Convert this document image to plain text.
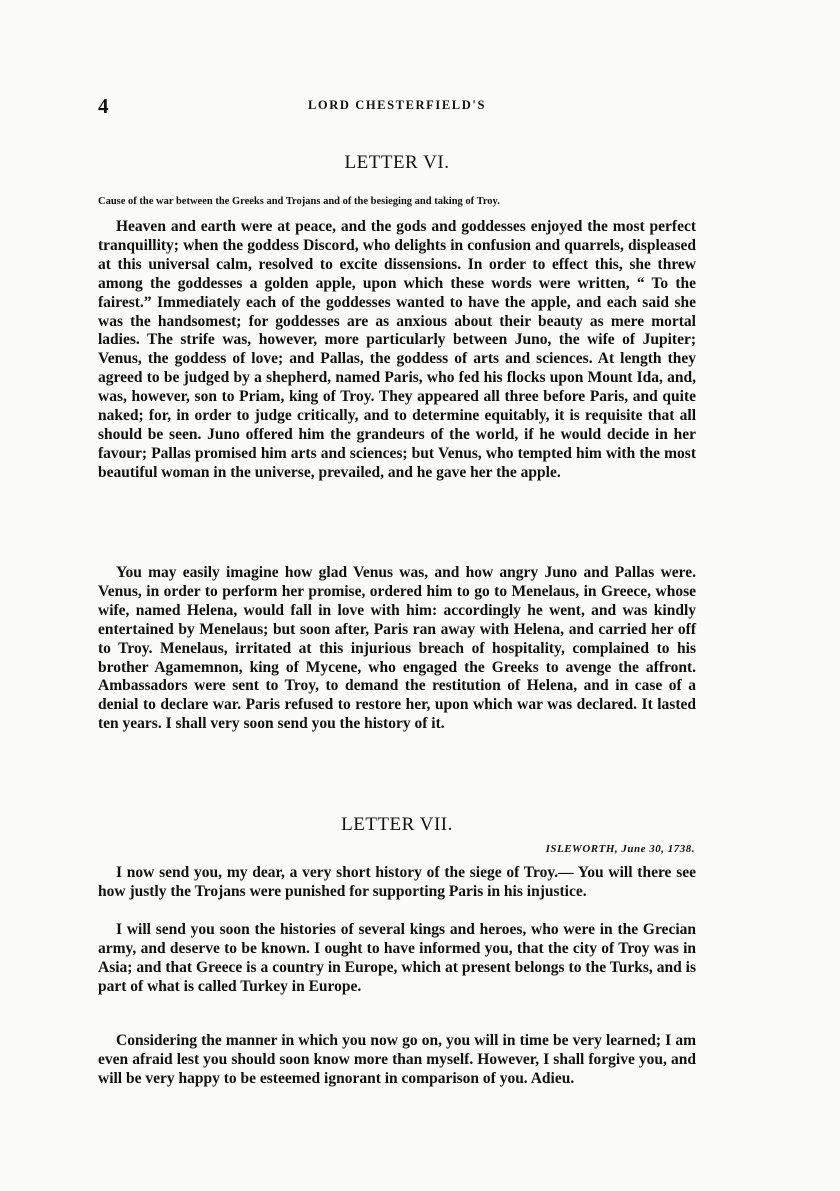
4	LORD CHESTERFIELD'S
LETTER VI.
Cause of the war between the Greeks and Trojans and of the besieging and taking of Troy.

Heaven and earth were at peace, and the gods and goddesses enjoyed the most perfect tranquillity; when the goddess Discord, who delights in confusion and quarrels, displeased at this universal calm, resolved to excite dissensions. In order to effect this, she threw among the goddesses a golden apple, upon which these words were written, “ To the fairest.” Immediately each of the goddesses wanted to have the apple, and each said she was the handsomest; for goddesses are as anxious about their beauty as mere mortal ladies. The strife was, however, more particularly between Juno, the wife of Jupiter; Venus, the goddess of love; and Pallas, the goddess of arts and sciences. At length they agreed to be judged by a shepherd, named Paris, who fed his flocks upon Mount Ida, and, was, however, son to Priam, king of Troy. They appeared all three before Paris, and quite naked; for, in order to judge critically, and to determine equitably, it is requisite that all should be seen. Juno offered him the grandeurs of the world, if he would decide in her favour; Pallas promised him arts and sciences; but Venus, who tempted him with the most beautiful woman in the universe, prevailed, and he gave her the apple.

You may easily imagine how glad Venus was, and how angry Juno and Pallas were. Venus, in order to perform her promise, ordered him to go to Menelaus, in Greece, whose wife, named Helena, would fall in love with him: accordingly he went, and was kindly entertained by Menelaus; but soon after, Paris ran away with Helena, and carried her off to Troy. Menelaus, irritated at this injurious breach of hospitality, complained to his brother Agamemnon, king of Mycene, who engaged the Greeks to avenge the affront. Ambassadors were sent to Troy, to demand the restitution of Helena, and in case of a denial to declare war. Paris refused to restore her, upon which war was declared. It lasted ten years. I shall very soon send you the history of it.

LETTER VII.
ISLEWORTH, June 30, 1738.

I now send you, my dear, a very short history of the siege of Troy.— You will there see how justly the Trojans were punished for supporting Paris in his injustice.

I will send you soon the histories of several kings and heroes, who were in the Grecian army, and deserve to be known. I ought to have informed you, that the city of Troy was in Asia; and that Greece is a country in Europe, which at present belongs to the Turks, and is part of what is called Turkey in Europe.

Considering the manner in which you now go on, you will in time be very learned; I am even afraid lest you should soon know more than myself. However, I shall forgive you, and will be very happy to be esteemed ignorant in comparison of you. Adieu.
